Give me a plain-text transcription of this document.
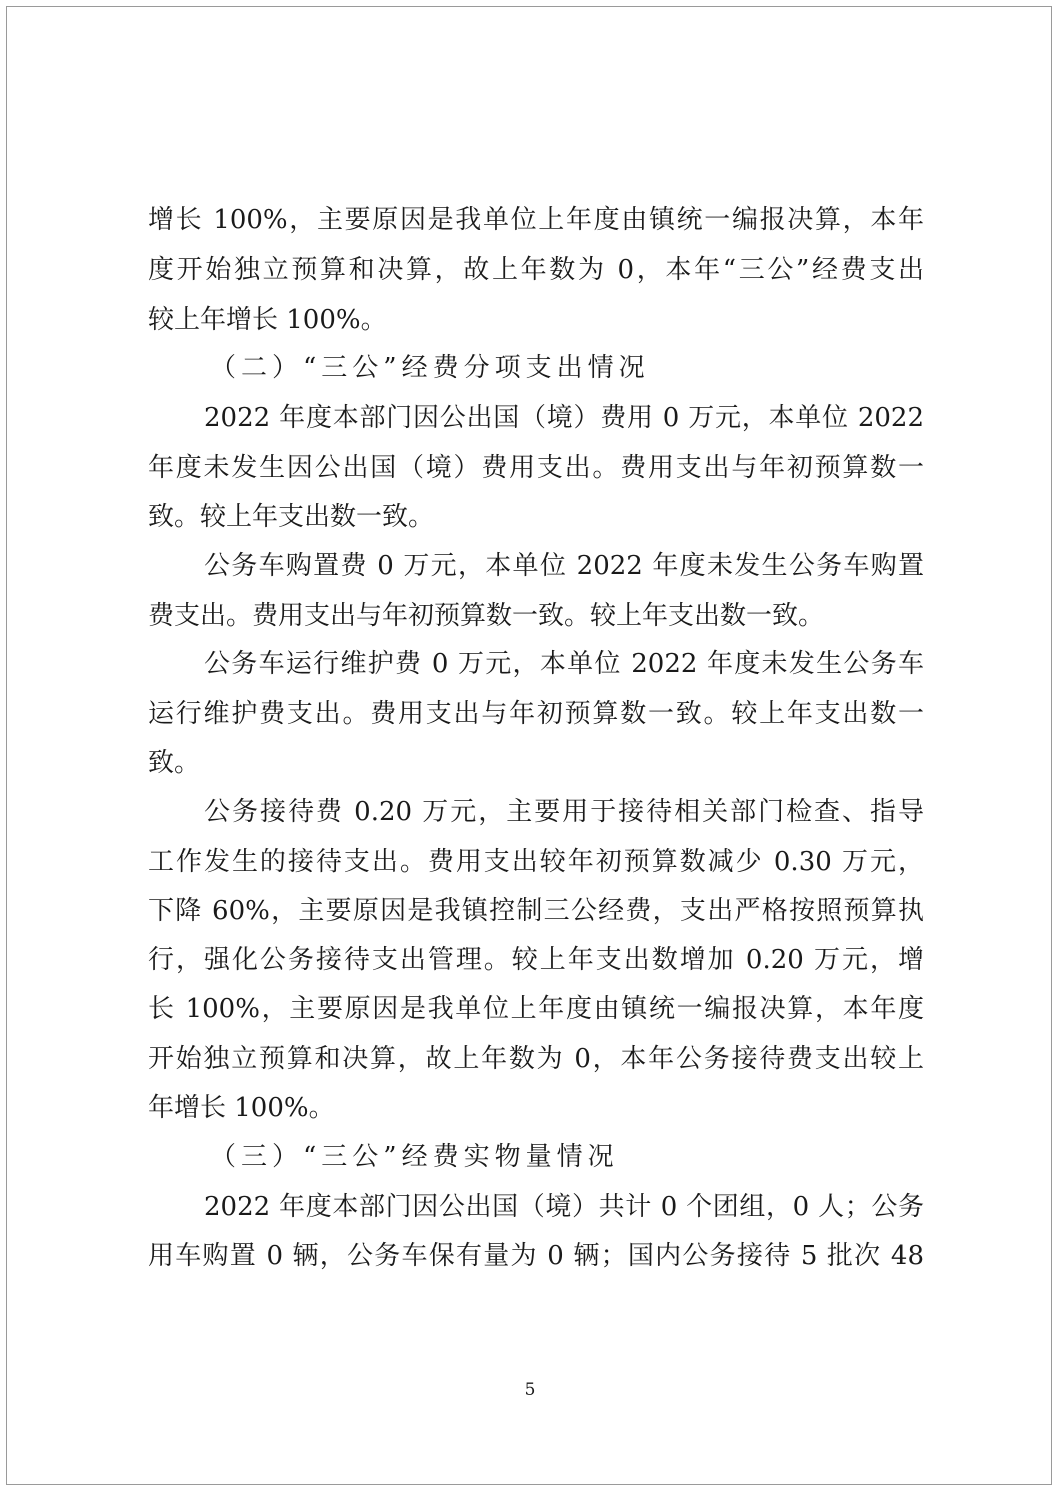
增长 100%，主要原因是我单位上年度由镇统一编报决算，本年
度开始独立预算和决算，故上年数为 0，本年“三公”经费支出
较上年增长 100%。
（二）“三公”经费分项支出情况
2022 年度本部门因公出国（境）费用 0 万元，本单位 2022
年度未发生因公出国（境）费用支出。费用支出与年初预算数一
致。较上年支出数一致。
公务车购置费 0 万元，本单位 2022 年度未发生公务车购置
费支出。费用支出与年初预算数一致。较上年支出数一致。
公务车运行维护费 0 万元，本单位 2022 年度未发生公务车
运行维护费支出。费用支出与年初预算数一致。较上年支出数一
致。
公务接待费 0.20 万元，主要用于接待相关部门检查、指导
工作发生的接待支出。费用支出较年初预算数减少 0.30 万元，
下降 60%，主要原因是我镇控制三公经费，支出严格按照预算执
行，强化公务接待支出管理。较上年支出数增加 0.20 万元，增
长 100%，主要原因是我单位上年度由镇统一编报决算，本年度
开始独立预算和决算，故上年数为 0，本年公务接待费支出较上
年增长 100%。
（三）“三公”经费实物量情况
2022 年度本部门因公出国（境）共计 0 个团组，0 人；公务
用车购置 0 辆，公务车保有量为 0 辆；国内公务接待 5 批次 48
5
